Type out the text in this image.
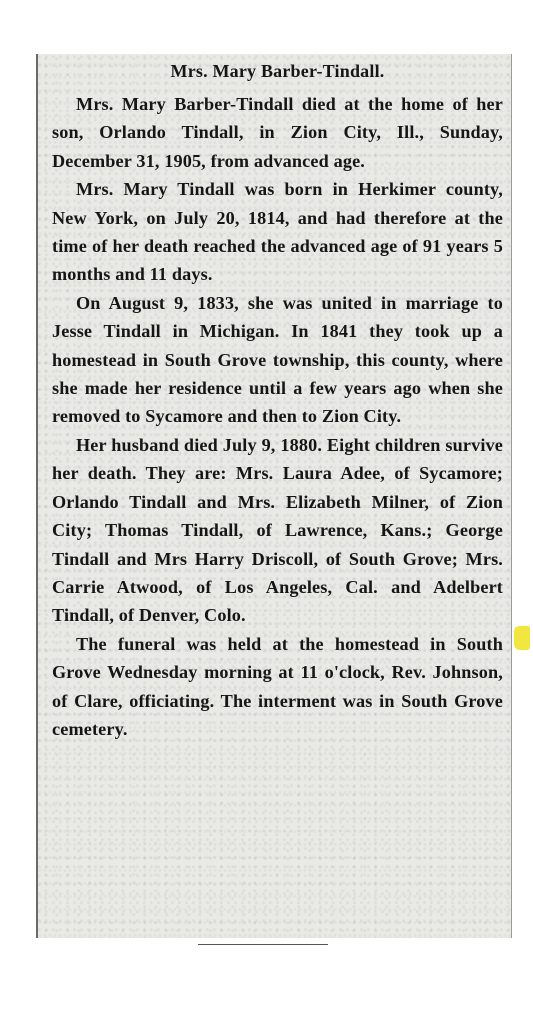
Mrs. Mary Barber-Tindall.

Mrs. Mary Barber-Tindall died at the home of her son, Orlando Tindall, in Zion City, Ill., Sunday, December 31, 1905, from advanced age.

Mrs. Mary Tindall was born in Herkimer county, New York, on July 20, 1814, and had therefore at the time of her death reached the advanced age of 91 years 5 months and 11 days.

On August 9, 1833, she was united in marriage to Jesse Tindall in Michigan. In 1841 they took up a homestead in South Grove township, this county, where she made her residence until a few years ago when she removed to Sycamore and then to Zion City.

Her husband died July 9, 1880. Eight children survive her death. They are: Mrs. Laura Adee, of Sycamore; Orlando Tindall and Mrs. Elizabeth Milner, of Zion City; Thomas Tindall, of Lawrence, Kans.; George Tindall and Mrs Harry Driscoll, of South Grove; Mrs. Carrie Atwood, of Los Angeles, Cal. and Adelbert Tindall, of Denver, Colo.

The funeral was held at the homestead in South Grove Wednesday morning at 11 o'clock, Rev. Johnson, of Clare, officiating. The interment was in South Grove cemetery.
